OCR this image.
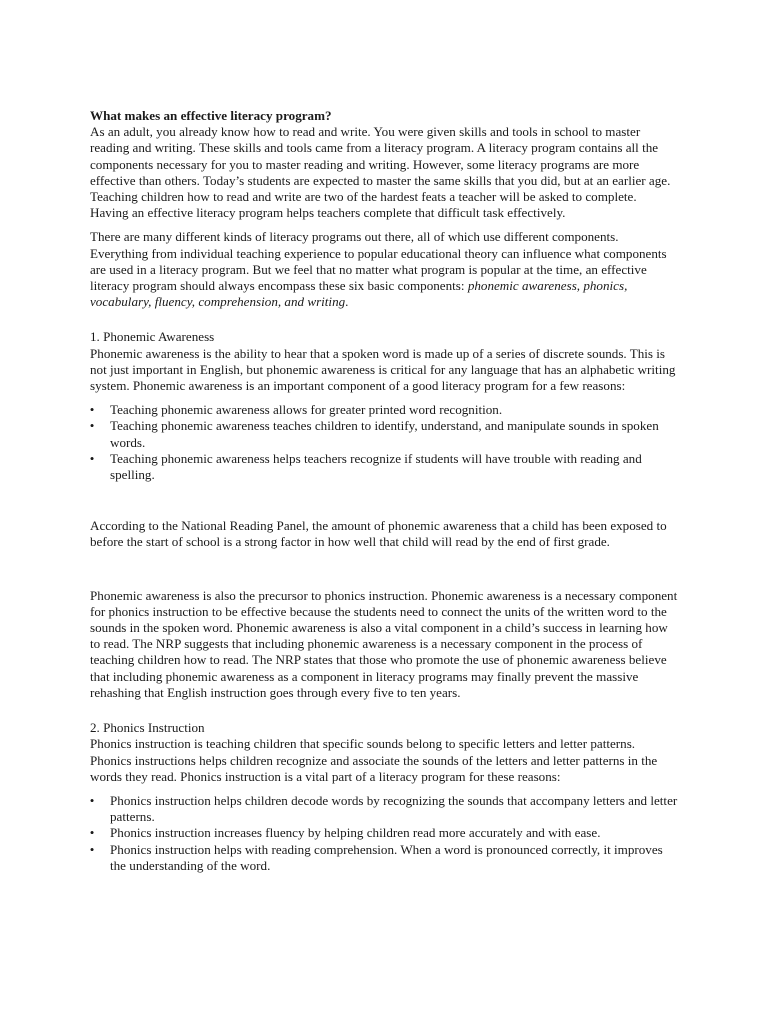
What makes an effective literacy program?

As an adult, you already know how to read and write. You were given skills and tools in school to master reading and writing. These skills and tools came from a literacy program. A literacy program contains all the components necessary for you to master reading and writing. However, some literacy programs are more effective than others. Today’s students are expected to master the same skills that you did, but at an earlier age. Teaching children how to read and write are two of the hardest feats a teacher will be asked to complete. Having an effective literacy program helps teachers complete that difficult task effectively.

There are many different kinds of literacy programs out there, all of which use different components. Everything from individual teaching experience to popular educational theory can influence what components are used in a literacy program. But we feel that no matter what program is popular at the time, an effective literacy program should always encompass these six basic components: phonemic awareness, phonics, vocabulary, fluency, comprehension, and writing.

1. Phonemic Awareness

Phonemic awareness is the ability to hear that a spoken word is made up of a series of discrete sounds. This is not just important in English, but phonemic awareness is critical for any language that has an alphabetic writing system. Phonemic awareness is an important component of a good literacy program for a few reasons:

• Teaching phonemic awareness allows for greater printed word recognition.
• Teaching phonemic awareness teaches children to identify, understand, and manipulate sounds in spoken words.
• Teaching phonemic awareness helps teachers recognize if students will have trouble with reading and spelling.

According to the National Reading Panel, the amount of phonemic awareness that a child has been exposed to before the start of school is a strong factor in how well that child will read by the end of first grade.

Phonemic awareness is also the precursor to phonics instruction. Phonemic awareness is a necessary component for phonics instruction to be effective because the students need to connect the units of the written word to the sounds in the spoken word. Phonemic awareness is also a vital component in a child’s success in learning how to read. The NRP suggests that including phonemic awareness is a necessary component in the process of teaching children how to read. The NRP states that those who promote the use of phonemic awareness believe that including phonemic awareness as a component in literacy programs may finally prevent the massive rehashing that English instruction goes through every five to ten years.

2. Phonics Instruction

Phonics instruction is teaching children that specific sounds belong to specific letters and letter patterns. Phonics instructions helps children recognize and associate the sounds of the letters and letter patterns in the words they read. Phonics instruction is a vital part of a literacy program for these reasons:

• Phonics instruction helps children decode words by recognizing the sounds that accompany letters and letter patterns.
• Phonics instruction increases fluency by helping children read more accurately and with ease.
• Phonics instruction helps with reading comprehension. When a word is pronounced correctly, it improves the understanding of the word.
